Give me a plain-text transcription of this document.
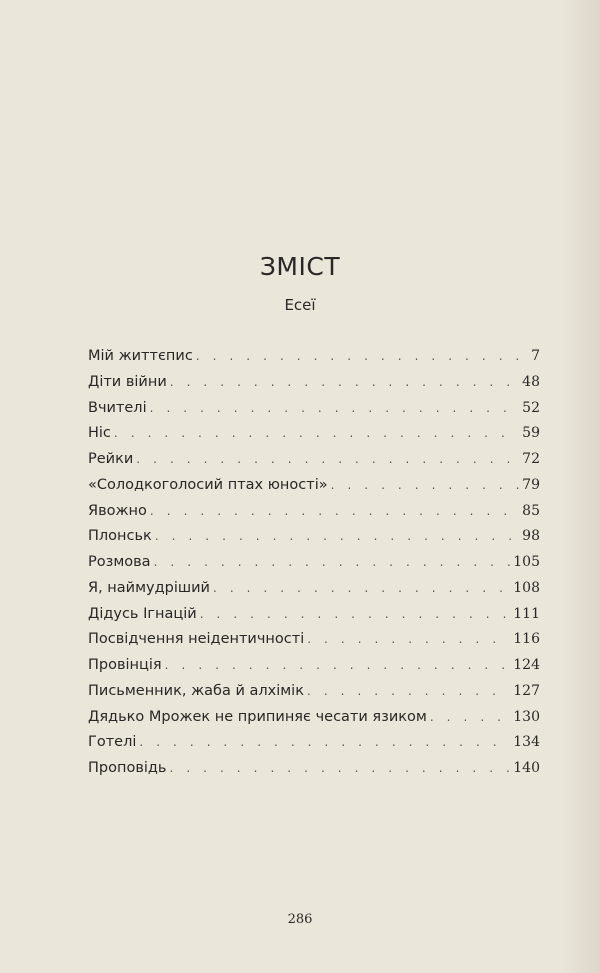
ЗМІСТ
Есеї
Мій життєпис . . .	7
Діти війни . . .	48
Вчителі . . .	52
Ніс . . .	59
Рейки . . .	72
«Солодкоголосий птах юності» . . .	79
Явожно . . .	85
Плонськ . . .	98
Розмова . . .	105
Я, наймудріший . . .	108
Дідусь Ігнацій . . .	111
Посвідчення неідентичності . . .	116
Провінція . . .	124
Письменник, жаба й алхімік . . .	127
Дядько Мрожек не припиняє чесати язиком . . .	130
Готелі . . .	134
Проповідь . . .	140
286
